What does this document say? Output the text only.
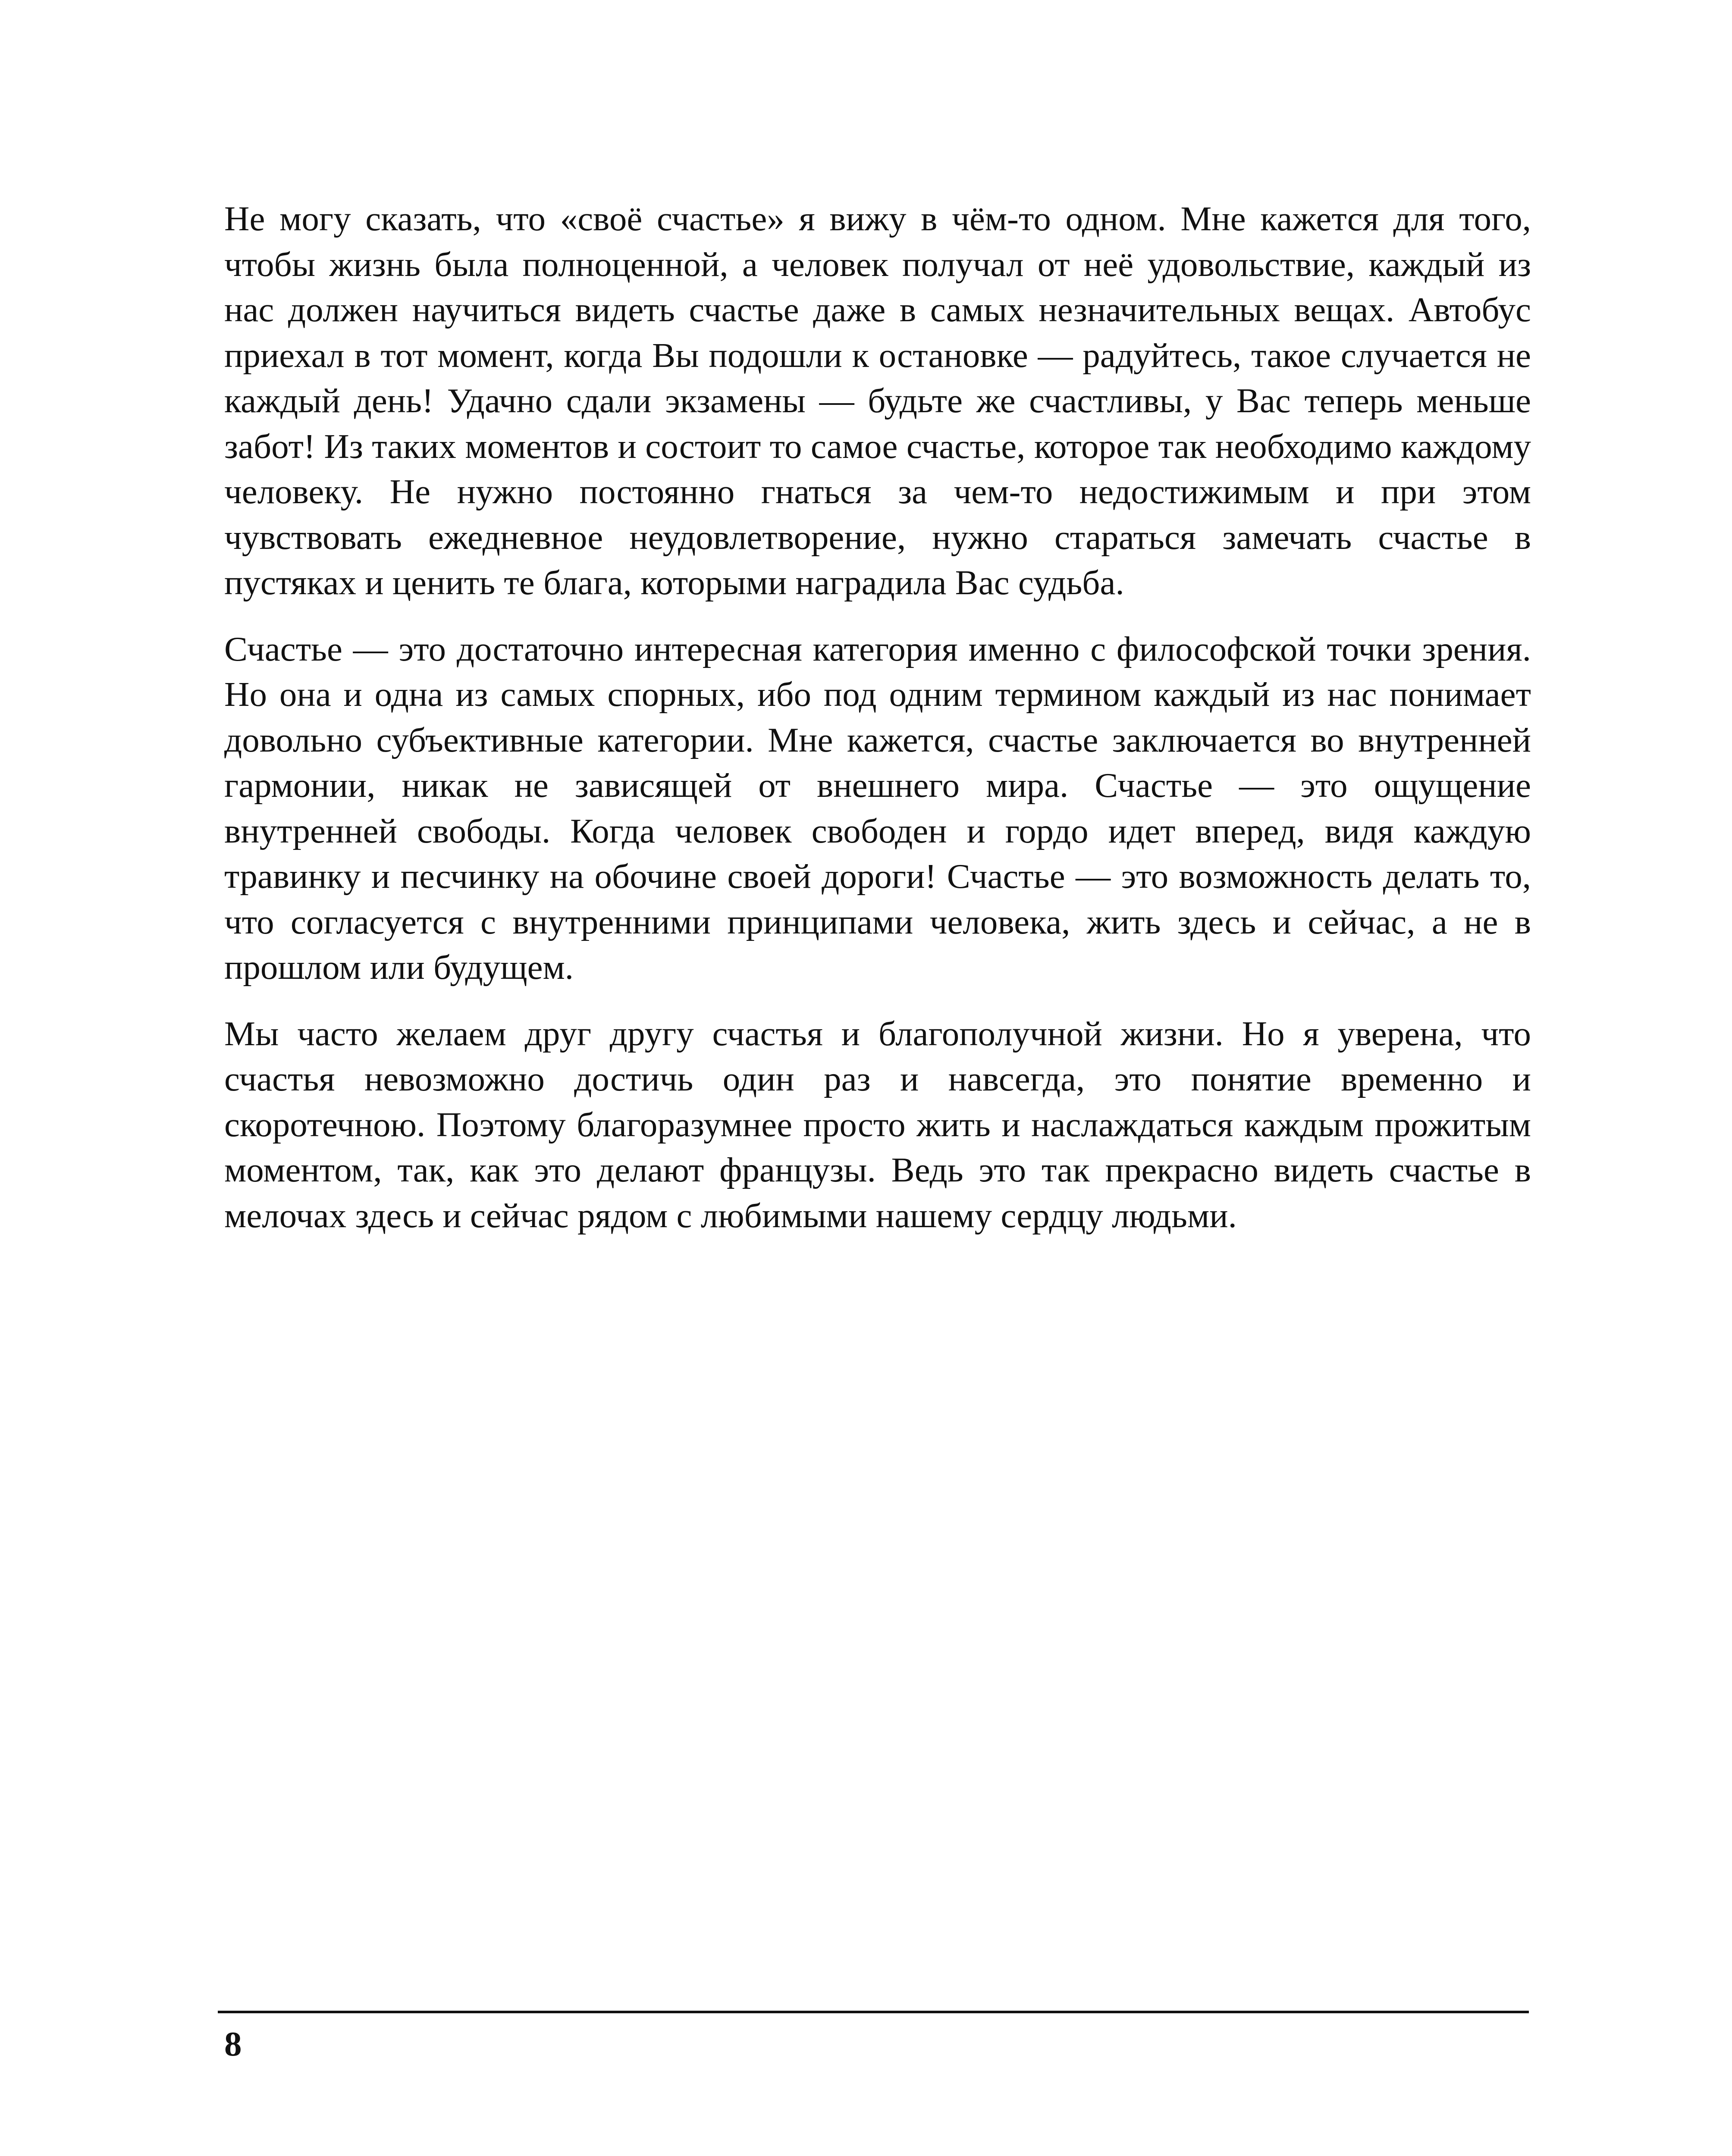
Не могу сказать, что «своё счастье» я вижу в чём-то одном. Мне кажется для того, чтобы жизнь была полноценной, а человек получал от неё удовольствие, каждый из нас должен научиться видеть счастье даже в самых незначительных вещах. Автобус приехал в тот момент, когда Вы подошли к остановке — радуйтесь, такое случается не каждый день! Удачно сдали экзамены — будьте же счастливы, у Вас теперь меньше забот! Из таких моментов и состоит то самое счастье, которое так необходимо каждому человеку. Не нужно постоянно гнаться за чем-то недостижимым и при этом чувствовать ежедневное неудовлетворение, нужно стараться замечать счастье в пустяках и ценить те блага, которыми наградила Вас судьба.

Счастье — это достаточно интересная категория именно с философской точки зрения. Но она и одна из самых спорных, ибо под одним термином каждый из нас понимает довольно субъективные категории. Мне кажется, счастье заключается во внутренней гармонии, никак не зависящей от внешнего мира. Счастье — это ощущение внутренней свободы. Когда человек свободен и гордо идет вперед, видя каждую травинку и песчинку на обочине своей дороги! Счастье — это возможность делать то, что согласуется с внутренними принципами человека, жить здесь и сейчас, а не в прошлом или будущем.

Мы часто желаем друг другу счастья и благополучной жизни. Но я уверена, что счастья невозможно достичь один раз и навсегда, это понятие временно и скоротечною. Поэтому благоразумнее просто жить и наслаждаться каждым прожитым моментом, так, как это делают французы. Ведь это так прекрасно видеть счастье в мелочах здесь и сейчас рядом с любимыми нашему сердцу людьми.

8
